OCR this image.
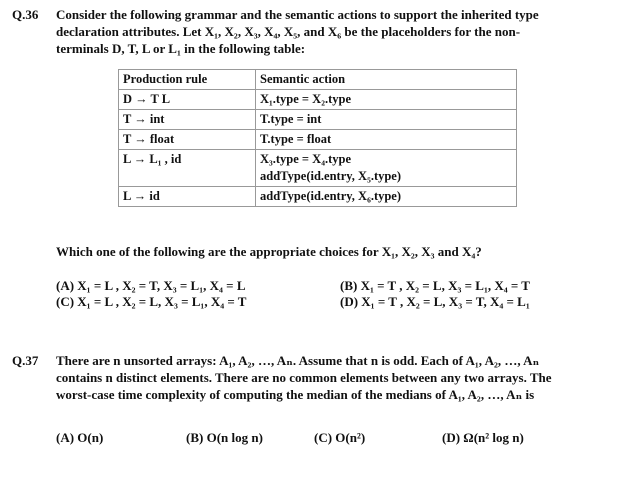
Q.36 Consider the following grammar and the semantic actions to support the inherited type
declaration attributes. Let X₁, X₂, X₃, X₄, X₅, and X₆ be the placeholders for the non-
terminals D, T, L or L₁ in the following table:
Production rule	Semantic action
D → T L	X₁.type = X₂.type
T → int	T.type = int
T → float	T.type = float
L → L₁ , id	X₃.type = X₄.type
addType(id.entry, X₅.type)

L → id	addType(id.entry, X₆.type)
Which one of the following are the appropriate choices for X₁, X₂, X₃ and X₄?
(A) X₁ = L , X₂ = T, X₃ = L₁, X₄ = L	(B) X₁ = T , X₂ = L, X₃ = L₁, X₄ = T
(C) X₁ = L , X₂ = L, X₃ = L₁, X₄ = T	(D) X₁ = T , X₂ = L, X₃ = T, X₄ = L₁
Q.37 There are n unsorted arrays: A₁, A₂, …, Aₙ. Assume that n is odd. Each of A₁, A₂, …, Aₙ
contains n distinct elements. There are no common elements between any two arrays. The
worst-case time complexity of computing the median of the medians of A₁, A₂, …, Aₙ is
(A) O(n)	(B) O(n log n)	(C) O(n²)	(D) Ω(n² log n)
